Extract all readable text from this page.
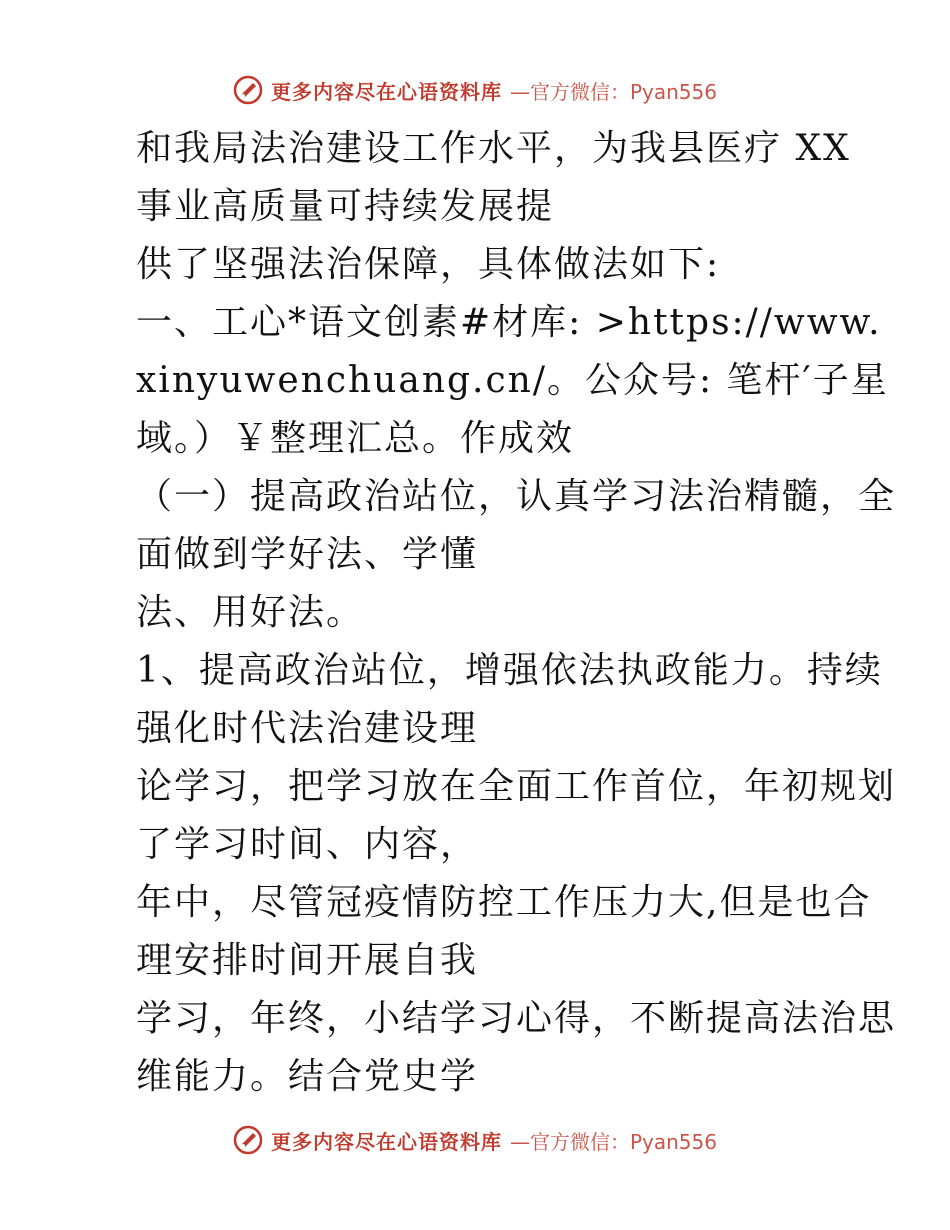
更多内容尽在心语资料库 —官方微信：Pyan556

和我局法治建设工作水平，为我县医疗 XX 事业高质量可持续发展提

供了坚强法治保障，具体做法如下:

一、工心*语文创素#材库: >https://www.xinyuwenchuang.cn/。公众号: 笔杆′子星域。）￥整理汇总。作成效

（一）提高政治站位，认真学习法治精髓，全面做到学好法、学懂

法、用好法。

1、提高政治站位，增强依法执政能力。持续强化时代法治建设理

论学习，把学习放在全面工作首位，年初规划了学习时间、内容，

年中，尽管冠疫情防控工作压力大,但是也合理安排时间开展自我

学习，年终，小结学习心得，不断提高法治思维能力。结合党史学

更多内容尽在心语资料库 —官方微信：Pyan556
